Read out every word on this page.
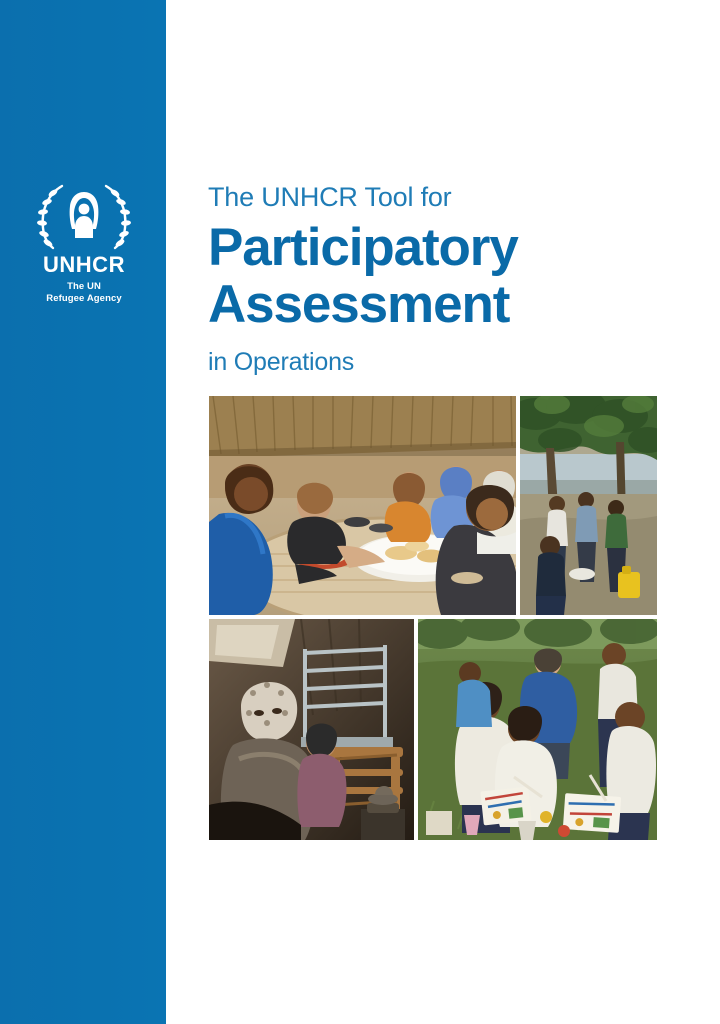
UNHCR
The UN
Refugee Agency
The UNHCR Tool for
Participatory
Assessment
in Operations
